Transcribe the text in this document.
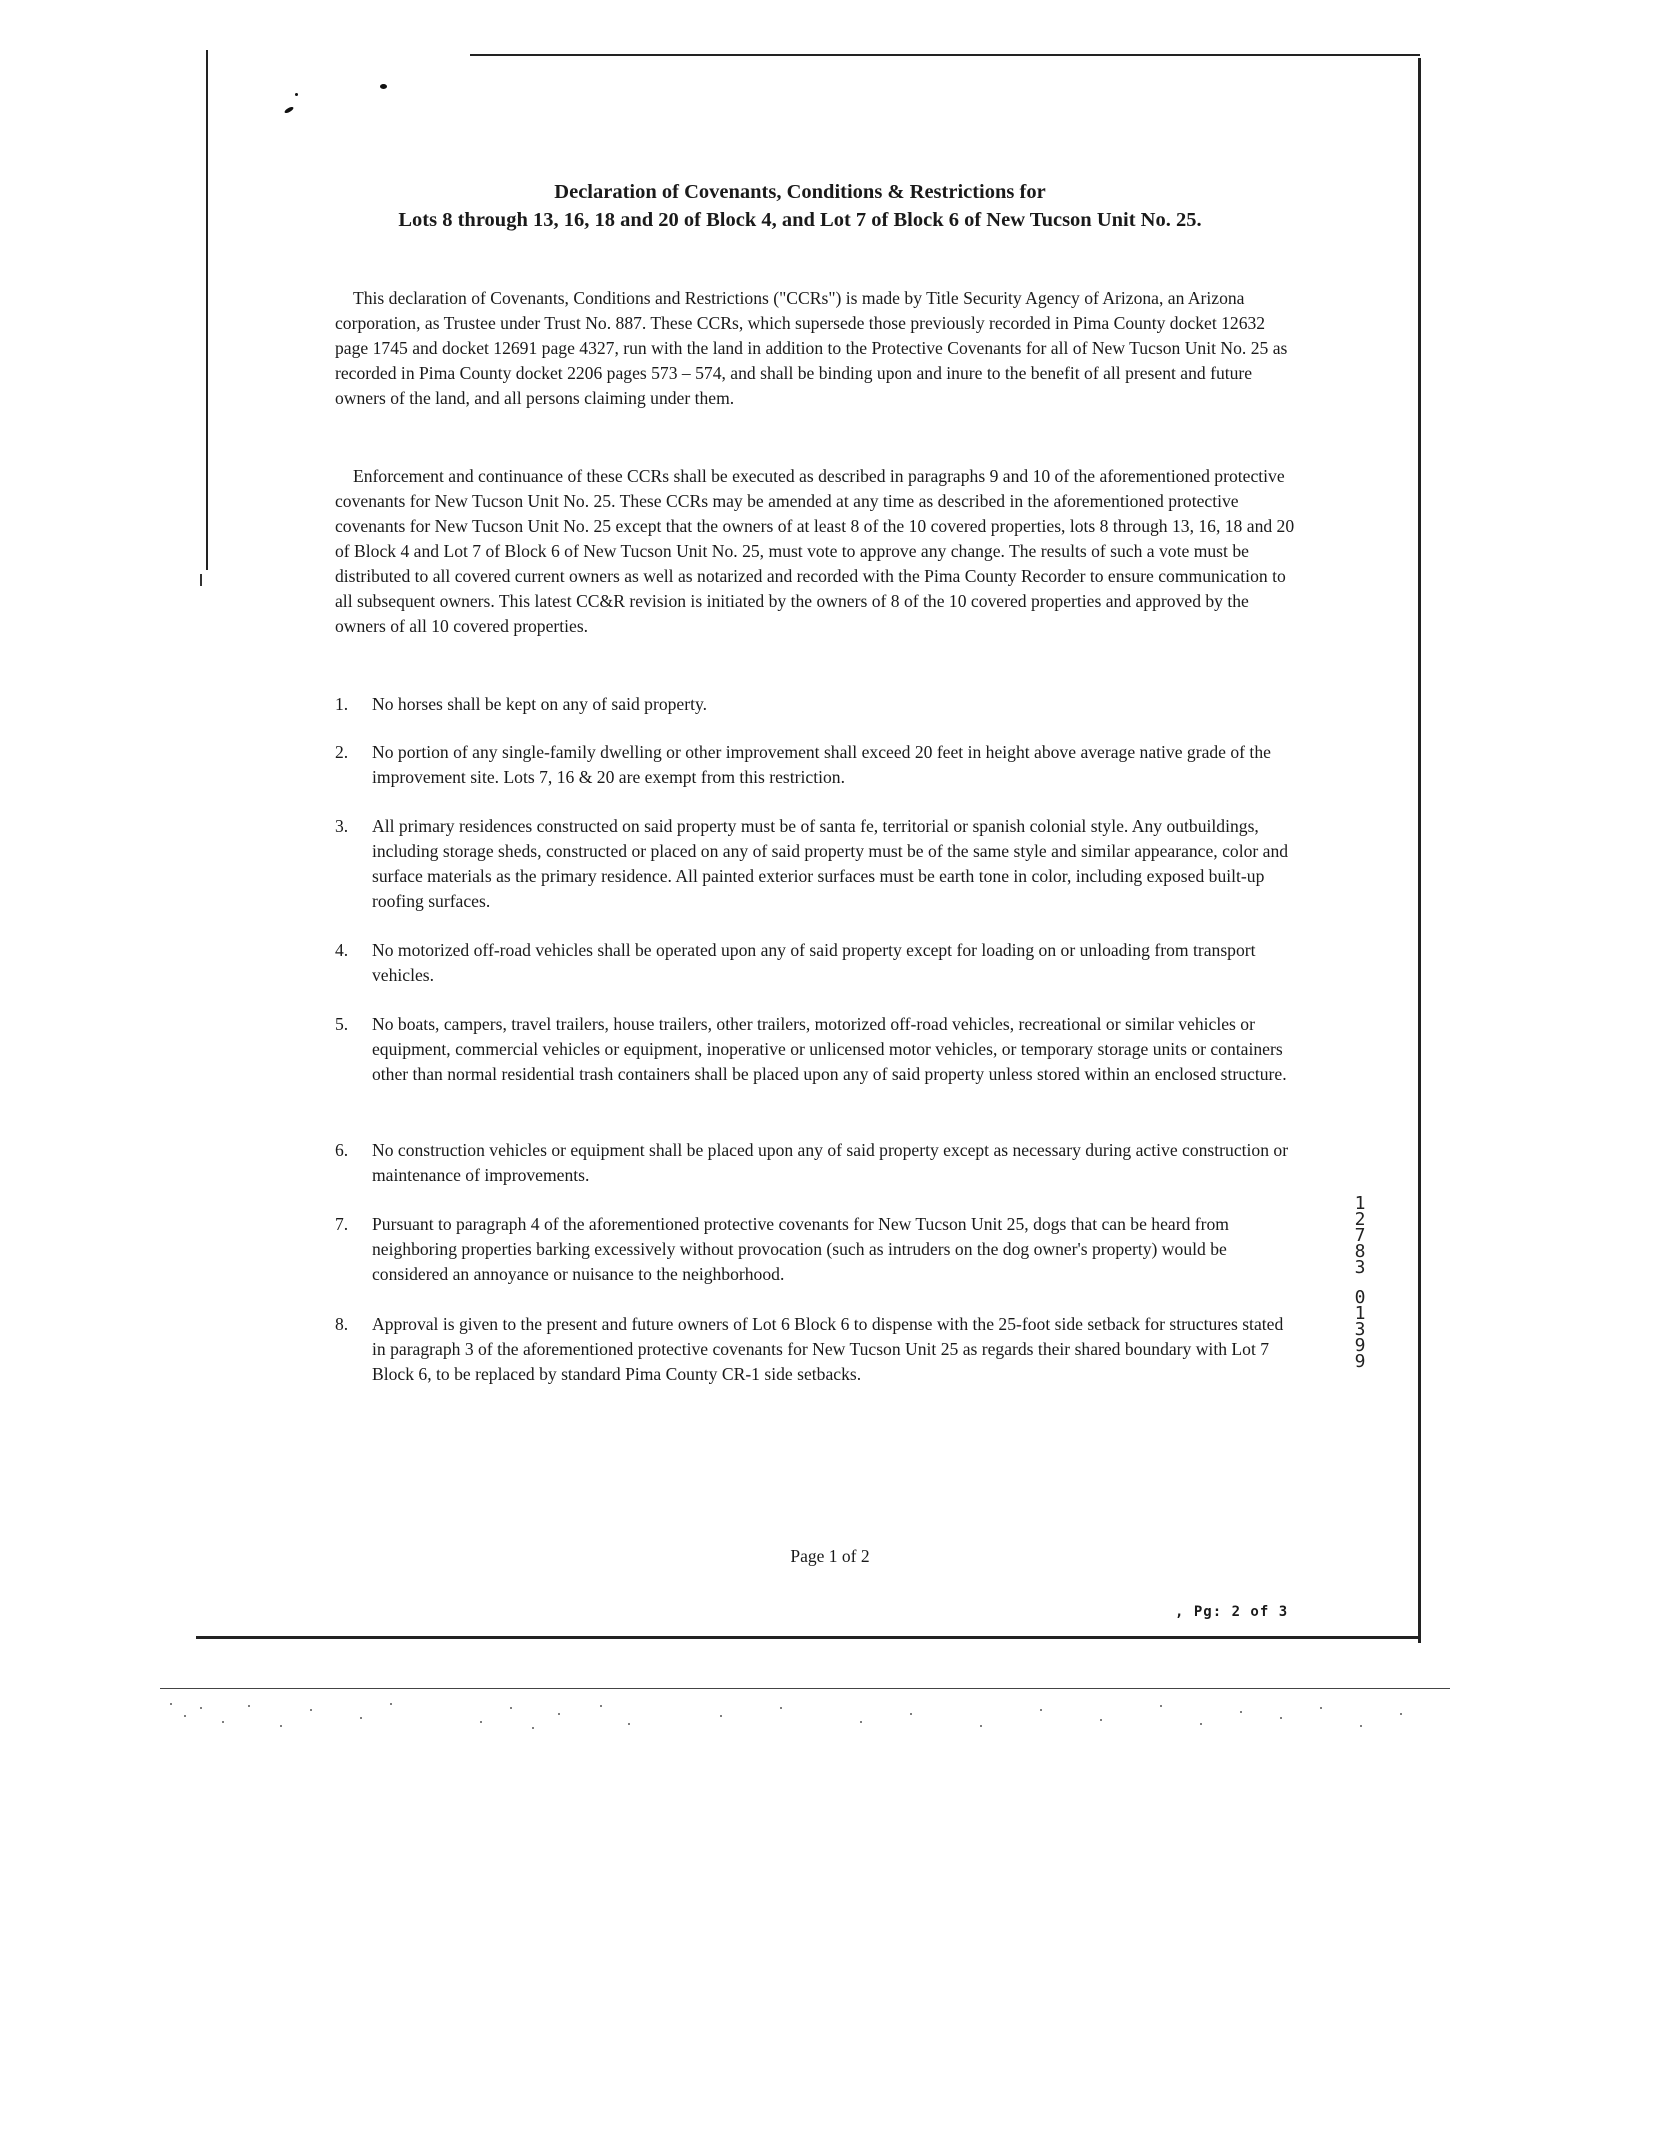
Declaration of Covenants, Conditions & Restrictions for
Lots 8 through 13, 16, 18 and 20 of Block 4, and Lot 7 of Block 6 of New Tucson Unit No. 25.
This declaration of Covenants, Conditions and Restrictions ("CCRs") is made by Title Security Agency of Arizona, an Arizona corporation, as Trustee under Trust No. 887. These CCRs, which supersede those previously recorded in Pima County docket 12632 page 1745 and docket 12691 page 4327, run with the land in addition to the Protective Covenants for all of New Tucson Unit No. 25 as recorded in Pima County docket 2206 pages 573 – 574, and shall be binding upon and inure to the benefit of all present and future owners of the land, and all persons claiming under them.
Enforcement and continuance of these CCRs shall be executed as described in paragraphs 9 and 10 of the aforementioned protective covenants for New Tucson Unit No. 25. These CCRs may be amended at any time as described in the aforementioned protective covenants for New Tucson Unit No. 25 except that the owners of at least 8 of the 10 covered properties, lots 8 through 13, 16, 18 and 20 of Block 4 and Lot 7 of Block 6 of New Tucson Unit No. 25, must vote to approve any change. The results of such a vote must be distributed to all covered current owners as well as notarized and recorded with the Pima County Recorder to ensure communication to all subsequent owners. This latest CC&R revision is initiated by the owners of 8 of the 10 covered properties and approved by the owners of all 10 covered properties.
1.	No horses shall be kept on any of said property.
2.	No portion of any single-family dwelling or other improvement shall exceed 20 feet in height above average native grade of the improvement site. Lots 7, 16 & 20 are exempt from this restriction.
3.	All primary residences constructed on said property must be of santa fe, territorial or spanish colonial style. Any outbuildings, including storage sheds, constructed or placed on any of said property must be of the same style and similar appearance, color and surface materials as the primary residence. All painted exterior surfaces must be earth tone in color, including exposed built-up roofing surfaces.
4.	No motorized off-road vehicles shall be operated upon any of said property except for loading on or unloading from transport vehicles.
5.	No boats, campers, travel trailers, house trailers, other trailers, motorized off-road vehicles, recreational or similar vehicles or equipment, commercial vehicles or equipment, inoperative or unlicensed motor vehicles, or temporary storage units or containers other than normal residential trash containers shall be placed upon any of said property unless stored within an enclosed structure.
6.	No construction vehicles or equipment shall be placed upon any of said property except as necessary during active construction or maintenance of improvements.
7.	Pursuant to paragraph 4 of the aforementioned protective covenants for New Tucson Unit 25, dogs that can be heard from neighboring properties barking excessively without provocation (such as intruders on the dog owner's property) would be considered an annoyance or nuisance to the neighborhood.
8.	Approval is given to the present and future owners of Lot 6 Block 6 to dispense with the 25-foot side setback for structures stated in paragraph 3 of the aforementioned protective covenants for New Tucson Unit 25 as regards their shared boundary with Lot 7 Block 6, to be replaced by standard Pima County CR-1 side setbacks.
1
2
7
8
3
0
1
3
9
9
Page 1 of 2
, Pg: 2 of 3
